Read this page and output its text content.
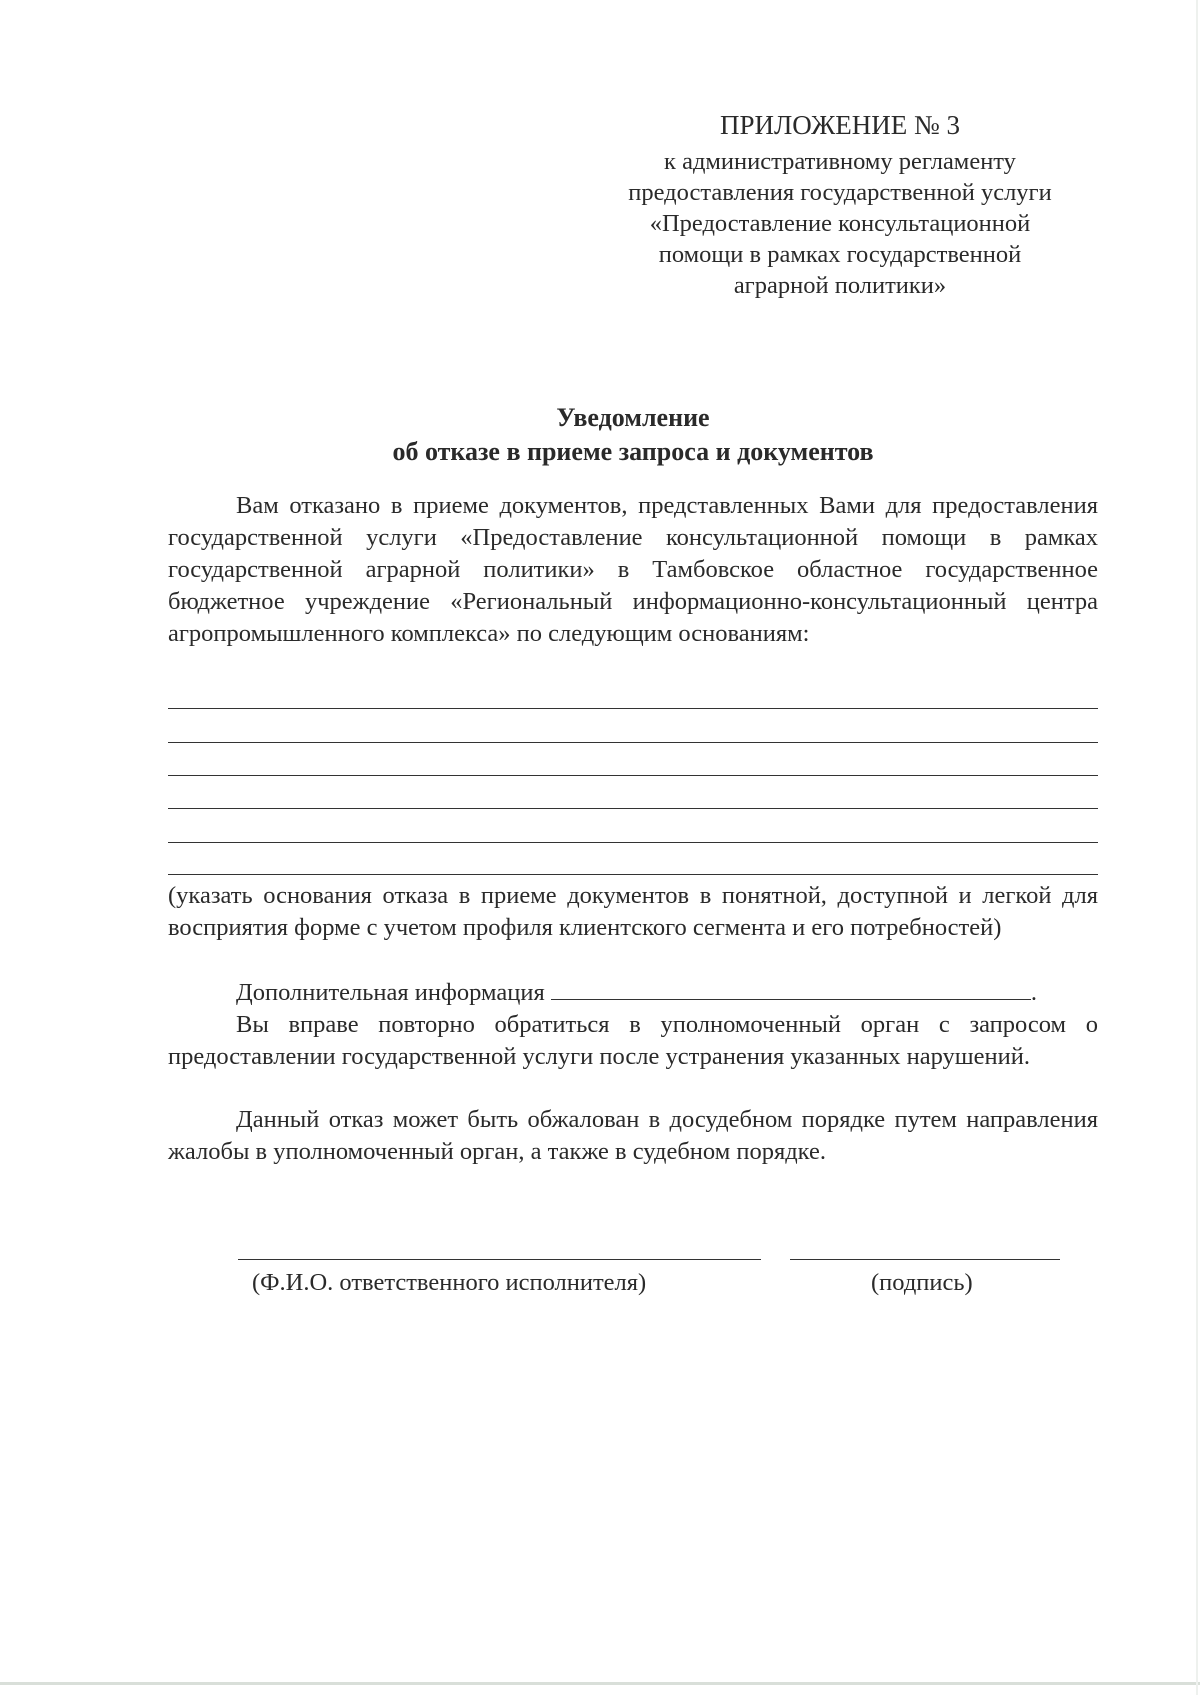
ПРИЛОЖЕНИЕ № 3
к административному регламенту
предоставления государственной услуги
«Предоставление консультационной
помощи в рамках государственной
аграрной политики»
Уведомление
об отказе в приеме запроса и документов

Вам отказано в приеме документов, представленных Вами для предоставления государственной услуги «Предоставление консультационной помощи в рамках государственной аграрной политики» в Тамбовское областное государственное бюджетное учреждение «Региональный информационно-консультационный центра агропромышленного комплекса» по следующим основаниям:

(указать основания отказа в приеме документов в понятной, доступной и легкой для восприятия форме с учетом профиля клиентского сегмента и его потребностей)

Дополнительная информация	.

Вы вправе повторно обратиться в уполномоченный орган с запросом о предоставлении государственной услуги после устранения указанных нарушений.

Данный отказ может быть обжалован в досудебном порядке путем направления жалобы в уполномоченный орган, а также в судебном порядке.

(Ф.И.О. ответственного исполнителя)	(подпись)
